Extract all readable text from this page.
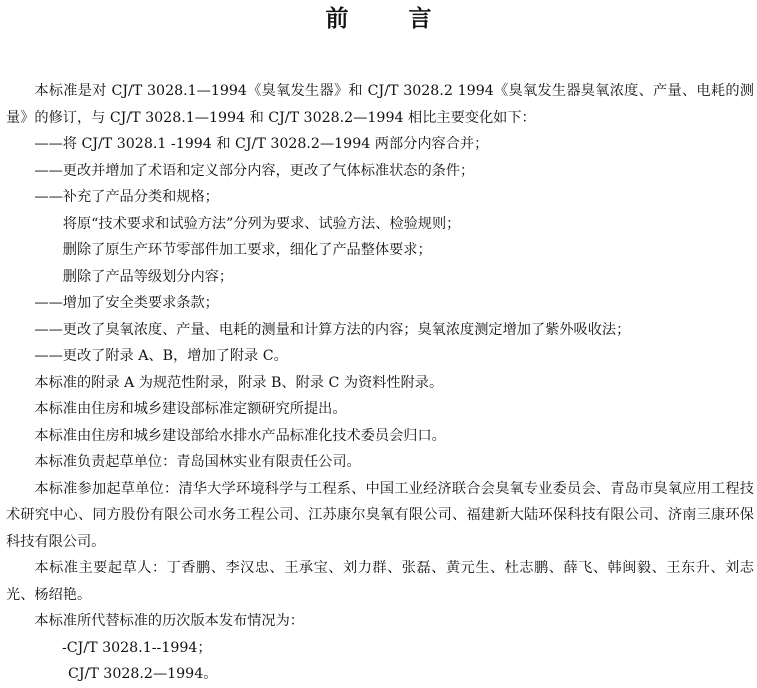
前 言

本标准是对 CJ/T 3028.1—1994《臭氧发生器》和 CJ/T 3028.2 1994《臭氧发生器臭氧浓度、产量、电耗的测量》的修订，与 CJ/T 3028.1—1994 和 CJ/T 3028.2—1994 相比主要变化如下：

——将 CJ/T 3028.1 -1994 和 CJ/T 3028.2—1994 两部分内容合并；

——更改并增加了术语和定义部分内容，更改了气体标准状态的条件；

——补充了产品分类和规格；

将原“技术要求和试验方法”分列为要求、试验方法、检验规则；

删除了原生产环节零部件加工要求，细化了产品整体要求；

删除了产品等级划分内容；

——增加了安全类要求条款；

——更改了臭氧浓度、产量、电耗的测量和计算方法的内容；臭氧浓度测定增加了紫外吸收法；

——更改了附录 A、B，增加了附录 C。

本标准的附录 A 为规范性附录，附录 B、附录 C 为资料性附录。

本标准由住房和城乡建设部标准定额研究所提出。

本标准由住房和城乡建设部给水排水产品标准化技术委员会归口。

本标准负责起草单位：青岛国林实业有限责任公司。

本标准参加起草单位：清华大学环境科学与工程系、中国工业经济联合会臭氧专业委员会、青岛市臭氧应用工程技术研究中心、同方股份有限公司水务工程公司、江苏康尔臭氧有限公司、福建新大陆环保科技有限公司、济南三康环保科技有限公司。

本标准主要起草人：丁香鹏、李汉忠、王承宝、刘力群、张磊、黄元生、杜志鹏、薛飞、韩闽毅、王东升、刘志光、杨绍艳。

本标准所代替标准的历次版本发布情况为：

-CJ/T 3028.1--1994；

CJ/T 3028.2—1994。
